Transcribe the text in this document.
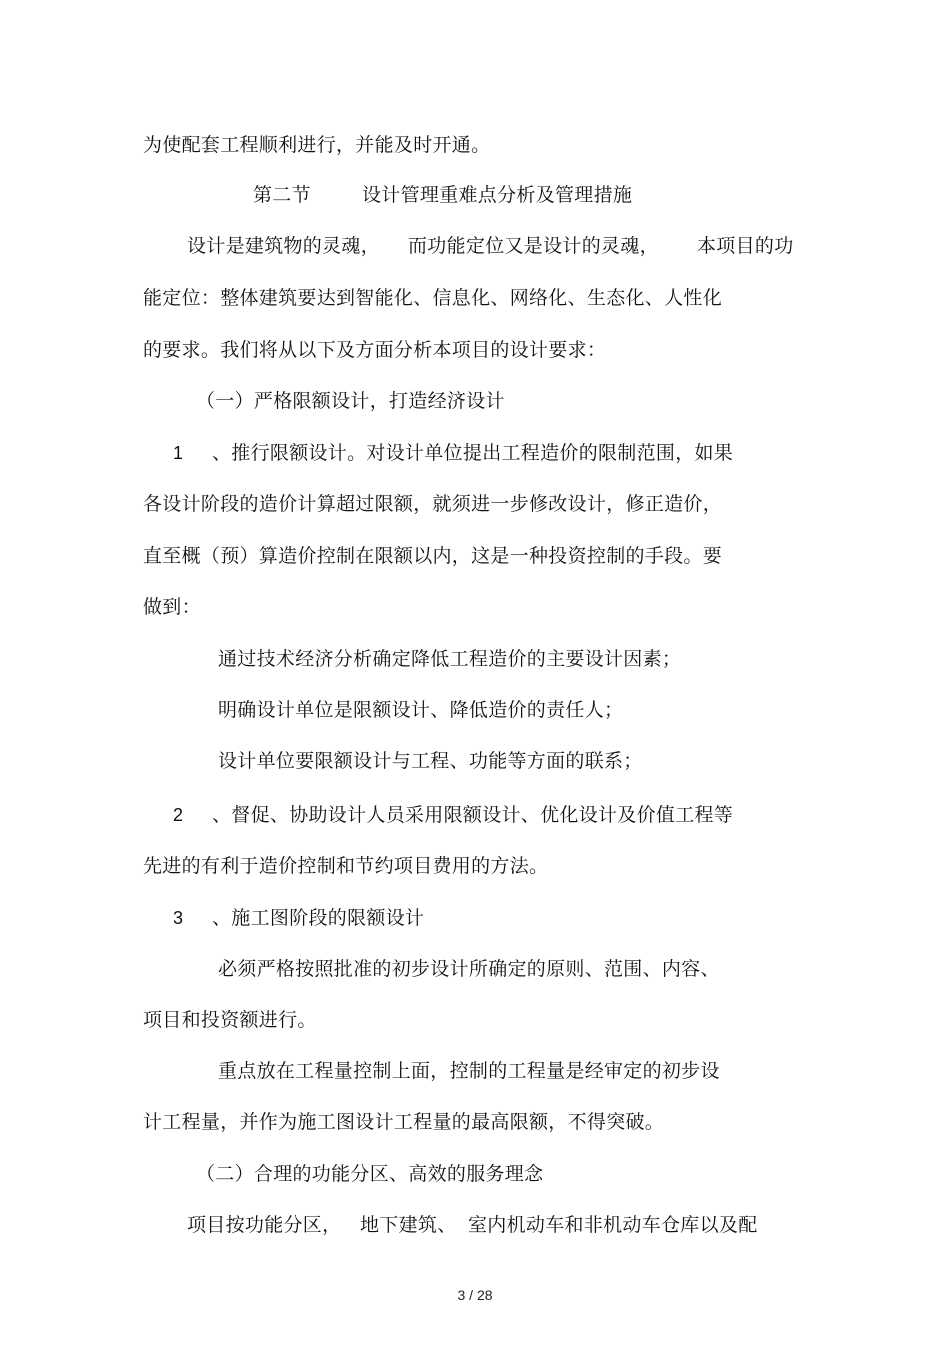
为使配套工程顺利进行，并能及时开通。
第二节	设计管理重难点分析及管理措施
设计是建筑物的灵魂， 而功能定位又是设计的灵魂， 本项目的功
能定位：整体建筑要达到智能化、信息化、网络化、生态化、人性化
的要求。我们将从以下及方面分析本项目的设计要求：
（一）严格限额设计，打造经济设计
1 、推行限额设计。对设计单位提出工程造价的限制范围，如果
各设计阶段的造价计算超过限额，就须进一步修改设计，修正造价，
直至概（预）算造价控制在限额以内，这是一种投资控制的手段。要
做到：
通过技术经济分析确定降低工程造价的主要设计因素；
明确设计单位是限额设计、降低造价的责任人；
设计单位要限额设计与工程、功能等方面的联系；
2 、督促、协助设计人员采用限额设计、优化设计及价值工程等
先进的有利于造价控制和节约项目费用的方法。
3 、施工图阶段的限额设计
必须严格按照批准的初步设计所确定的原则、范围、内容、
项目和投资额进行。
重点放在工程量控制上面，控制的工程量是经审定的初步设
计工程量，并作为施工图设计工程量的最高限额，不得突破。
（二）合理的功能分区、高效的服务理念
项目按功能分区， 地下建筑、 室内机动车和非机动车仓库以及配
3 / 28
